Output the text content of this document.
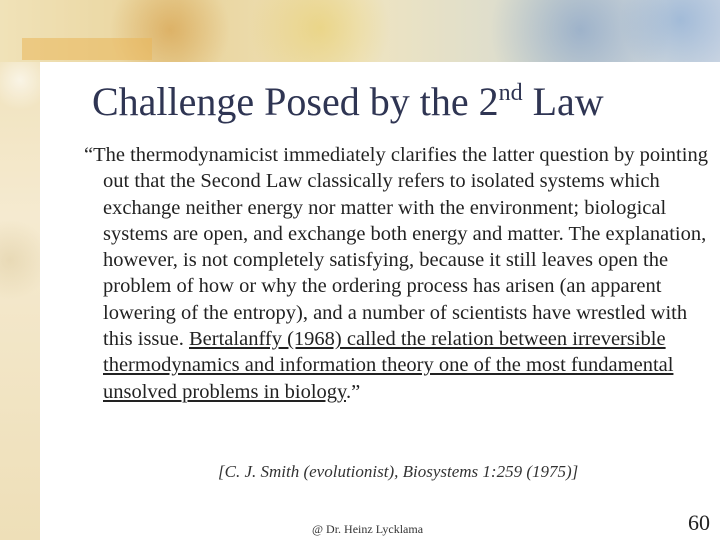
Challenge Posed by the 2nd Law
“The thermodynamicist immediately clarifies the latter question by pointing out that the Second Law classically refers to isolated systems which exchange neither energy nor matter with the environment; biological systems are open, and exchange both energy and matter. The explanation, however, is not completely satisfying, because it still leaves open the problem of how or why the ordering process has arisen (an apparent lowering of the entropy), and a number of scientists have wrestled with this issue. Bertalanffy (1968) called the relation between irreversible thermodynamics and information theory one of the most fundamental unsolved problems in biology.”
[C. J. Smith (evolutionist), Biosystems 1:259 (1975)]
@ Dr. Heinz Lycklama	60
